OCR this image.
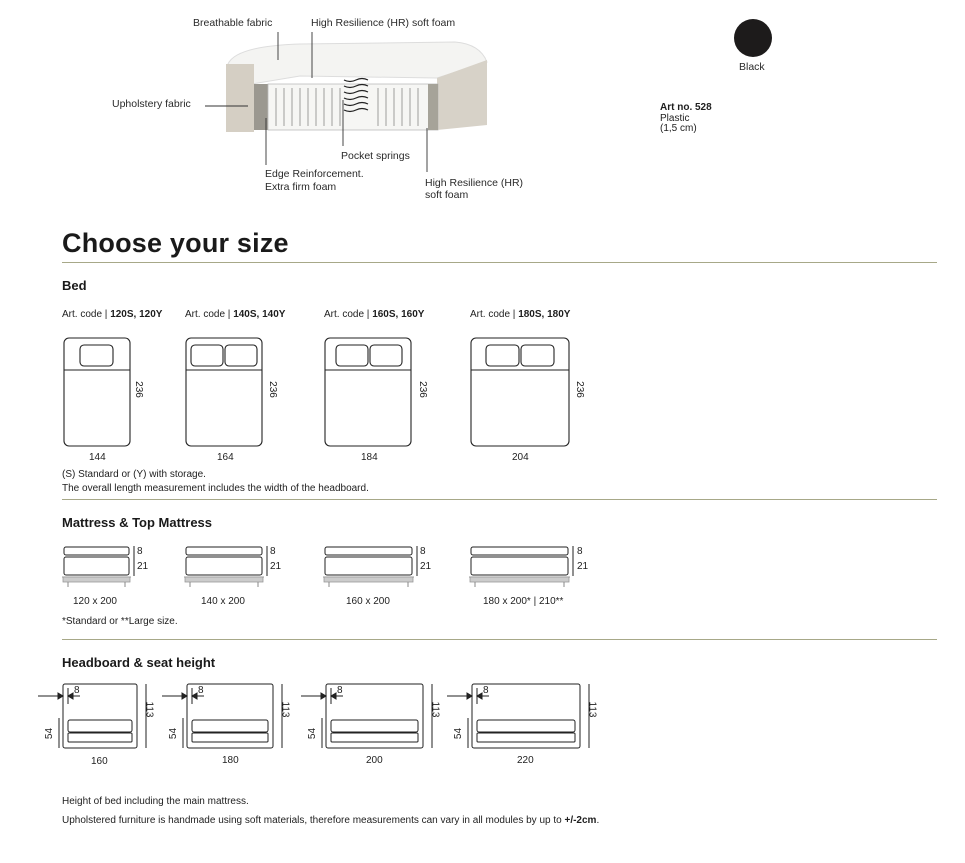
Breathable fabric	High Resilience (HR) soft foam
Upholstery fabric
Pocket springs
Edge Reinforcement.
Extra firm foam	High Resilience (HR)
soft foam
Black
Art no. 528
Plastic
(1,5 cm)
Choose your size
Bed
Art. code | 120S, 120Y Art. code | 140S, 140Y	Art. code | 160S, 160Y	Art. code | 180S, 180Y
236	236	236	236
144	164	184	204
(S) Standard or (Y) with storage.
The overall length measurement includes the width of the headboard.
Mattress & Top Mattress
8
21
8
21
8
21
8
21
120 x 200	140 x 200	160 x 200	180 x 200* | 210**
*Standard or **Large size.
Headboard & seat height
8	8	8	8
54	54	54	54
113	113	113	113
160	180	200	220
Height of bed including the main mattress.
Upholstered furniture is handmade using soft materials, therefore measurements can vary in all modules by up to +/-2cm.
